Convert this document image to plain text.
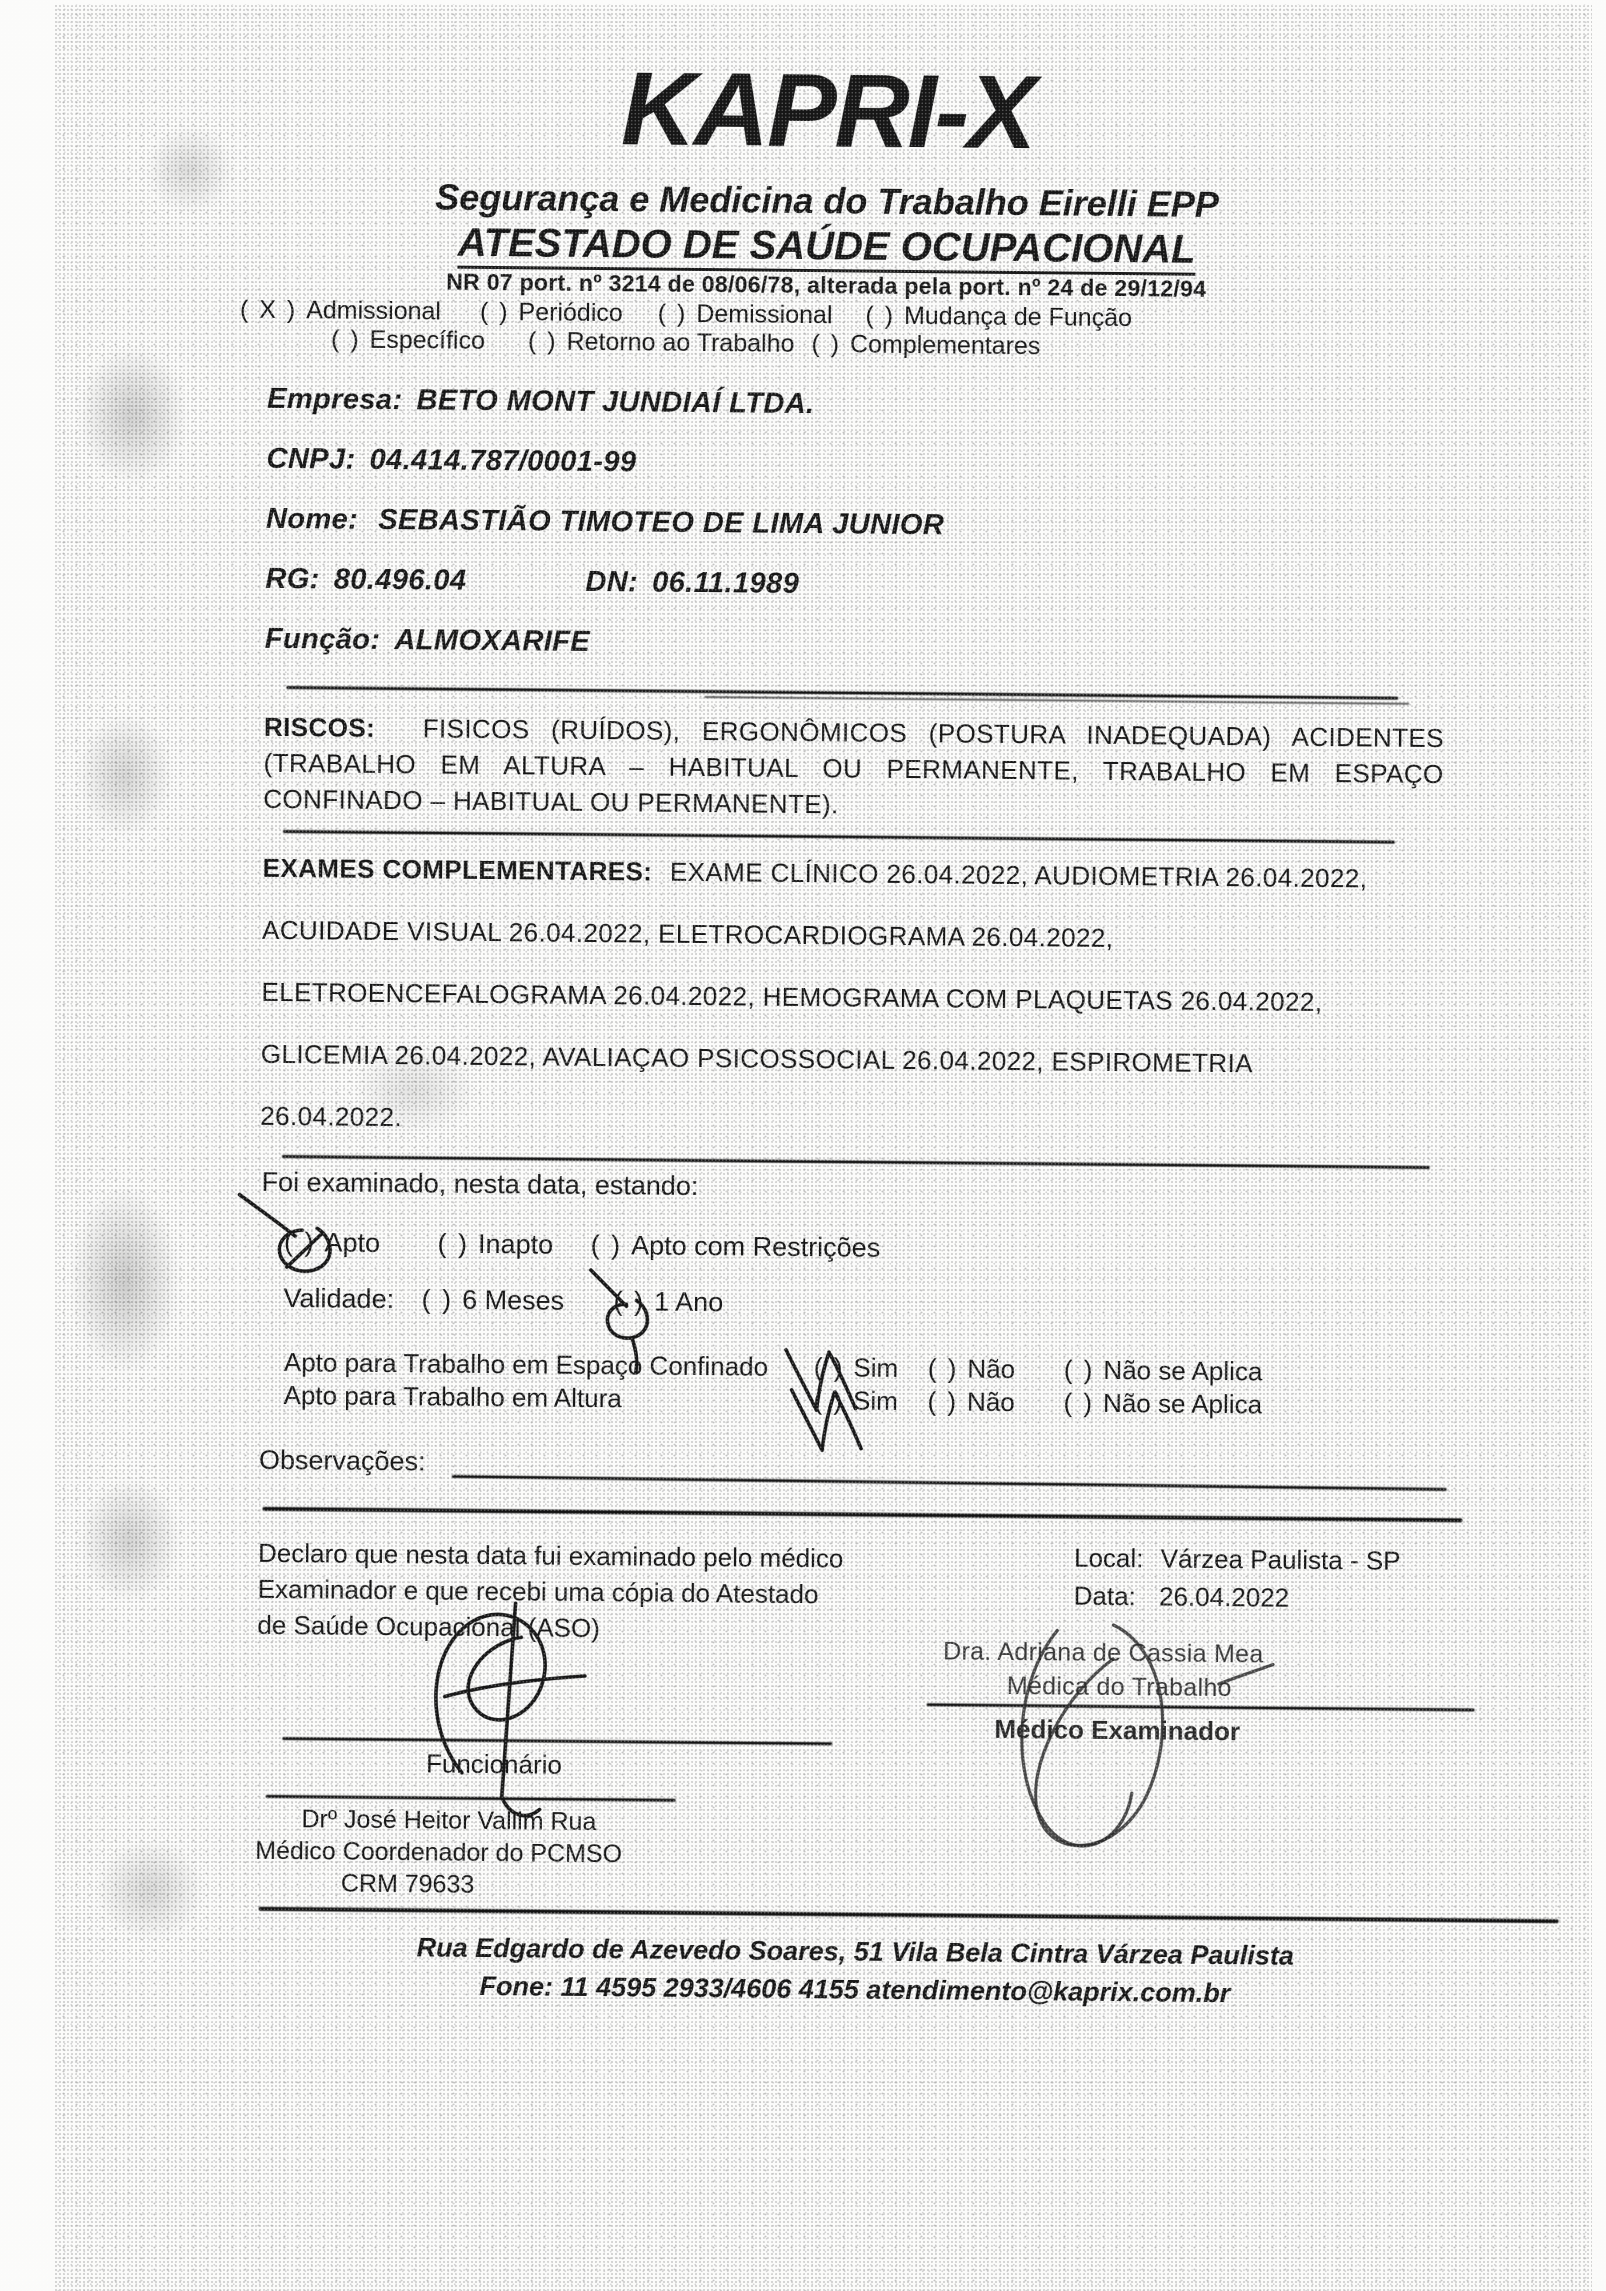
KAPRI-X
Segurança e Medicina do Trabalho Eirelli EPP
ATESTADO DE SAÚDE OCUPACIONAL
NR 07 port. nº 3214 de 08/06/78, alterada pela port. nº 24 de 29/12/94
( X ) Admissional ( ) Periódico ( ) Demissional ( ) Mudança de Função
( ) Específico ( ) Retorno ao Trabalho ( ) Complementares
Empresa: BETO MONT JUNDIAÍ LTDA.
CNPJ: 04.414.787/0001-99
Nome: SEBASTIÃO TIMOTEO DE LIMA JUNIOR
RG: 80.496.04	DN: 06.11.1989
Função: ALMOXARIFE
RISCOS: FISICOS (RUÍDOS), ERGONÔMICOS (POSTURA INADEQUADA) ACIDENTES (TRABALHO EM ALTURA – HABITUAL OU PERMANENTE, TRABALHO EM ESPAÇO CONFINADO – HABITUAL OU PERMANENTE).
EXAMES COMPLEMENTARES: EXAME CLÍNICO 26.04.2022, AUDIOMETRIA 26.04.2022,
ACUIDADE VISUAL 26.04.2022, ELETROCARDIOGRAMA 26.04.2022,
ELETROENCEFALOGRAMA 26.04.2022, HEMOGRAMA COM PLAQUETAS 26.04.2022,
GLICEMIA 26.04.2022, AVALIAÇAO PSICOSSOCIAL 26.04.2022, ESPIROMETRIA
26.04.2022.
Foi examinado, nesta data, estando:
( ) Apto ( ) Inapto ( ) Apto com Restrições
Validade: ( ) 6 Meses ( ) 1 Ano
Apto para Trabalho em Espaço Confinado ( ) Sim ( ) Não ( ) Não se Aplica
Apto para Trabalho em Altura	( ) Sim ( ) Não ( ) Não se Aplica
Observações:
Declaro que nesta data fui examinado pelo médico
Examinador e que recebi uma cópia do Atestado
de Saúde Ocupacional (ASO)
Local: Várzea Paulista - SP
Data: 26.04.2022
Funcionário
Dra. Adriana de Cassia Mea
Médica do Trabalho
Médico Examinador
Drº José Heitor Vallim Rua
Médico Coordenador do PCMSO
CRM 79633
Rua Edgardo de Azevedo Soares, 51 Vila Bela Cintra Várzea Paulista
Fone: 11 4595 2933/4606 4155 atendimento@kaprix.com.br
